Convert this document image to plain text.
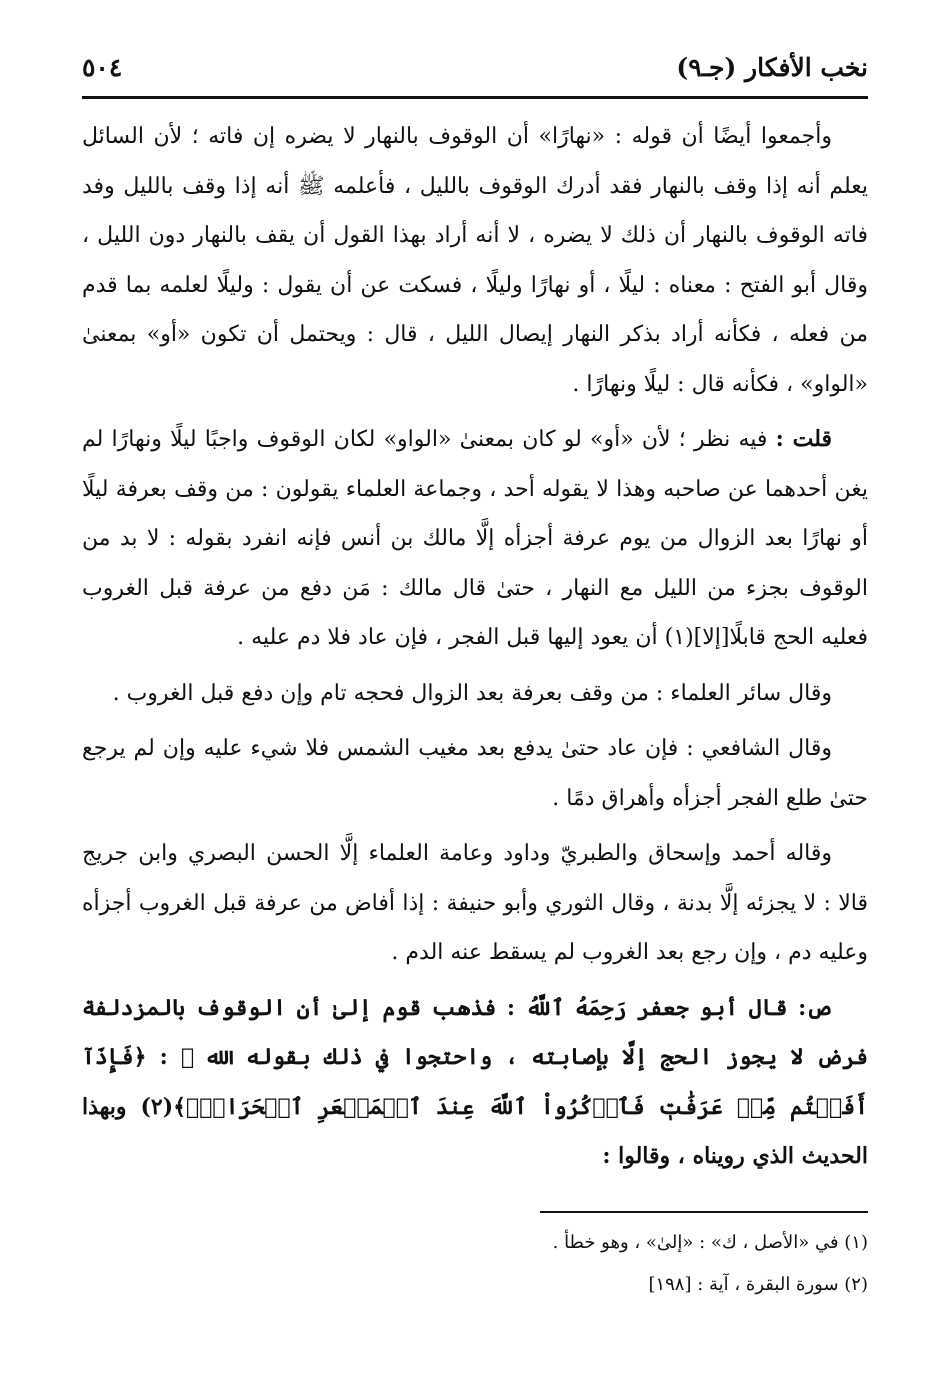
نخب الأفكار (جـ٩)
٥٠٤

وأجمعوا أيضًا أن قوله : «نهارًا» أن الوقوف بالنهار لا يضره إن فاته ؛ لأن السائل يعلم أنه إذا وقف بالنهار فقد أدرك الوقوف بالليل ، فأعلمه ﷺ أنه إذا وقف بالليل وفد فاته الوقوف بالنهار أن ذلك لا يضره ، لا أنه أراد بهذا القول أن يقف بالنهار دون الليل ، وقال أبو الفتح : معناه : ليلًا ، أو نهارًا وليلًا ، فسكت عن أن يقول : وليلًا لعلمه بما قدم من فعله ، فكأنه أراد بذكر النهار إيصال الليل ، قال : ويحتمل أن تكون «أو» بمعنىٰ «الواو» ، فكأنه قال : ليلًا ونهارًا .

قلت : فيه نظر ؛ لأن «أو» لو كان بمعنىٰ «الواو» لكان الوقوف واجبًا ليلًا ونهارًا لم يغن أحدهما عن صاحبه وهذا لا يقوله أحد ، وجماعة العلماء يقولون : من وقف بعرفة ليلًا أو نهارًا بعد الزوال من يوم عرفة أجزأه إلَّا مالك بن أنس فإنه انفرد بقوله : لا بد من الوقوف بجزء من الليل مع النهار ، حتىٰ قال مالك : مَن دفع من عرفة قبل الغروب فعليه الحج قابلًا[إلا](١) أن يعود إليها قبل الفجر ، فإن عاد فلا دم عليه .

وقال سائر العلماء : من وقف بعرفة بعد الزوال فحجه تام وإن دفع قبل الغروب .

وقال الشافعي : فإن عاد حتىٰ يدفع بعد مغيب الشمس فلا شيء عليه وإن لم يرجع حتىٰ طلع الفجر أجزأه وأهراق دمًا .

وقاله أحمد وإسحاق والطبريّ وداود وعامة العلماء إلَّا الحسن البصري وابن جريج قالا : لا يجزئه إلَّا بدنة ، وقال الثوري وأبو حنيفة : إذا أفاض من عرفة قبل الغروب أجزأه وعليه دم ، وإن رجع بعد الغروب لم يسقط عنه الدم .

ص: قال أبو جعفر رَحِمَهُ ٱللَّهُ : فذهب قوم إلىٰ أن الوقوف بالمزدلفة فرض لا يجوز الحج إلَّا بإصابته ، واحتجوا في ذلك بقوله الله ﷻ : ﴿فَإِذَآ أَفَضۡتُم مِّنۡ عَرَفَٰتٖ فَٱذۡكُرُواْ ٱللَّهَ عِندَ ٱلۡمَشۡعَرِ ٱلۡحَرَامِۖ﴾(٢) وبهذا الحديث الذي رويناه ، وقالوا :

(١) في «الأصل ، ك» : «إلىٰ» ، وهو خطأ .

(٢) سورة البقرة ، آية : [١٩٨]
